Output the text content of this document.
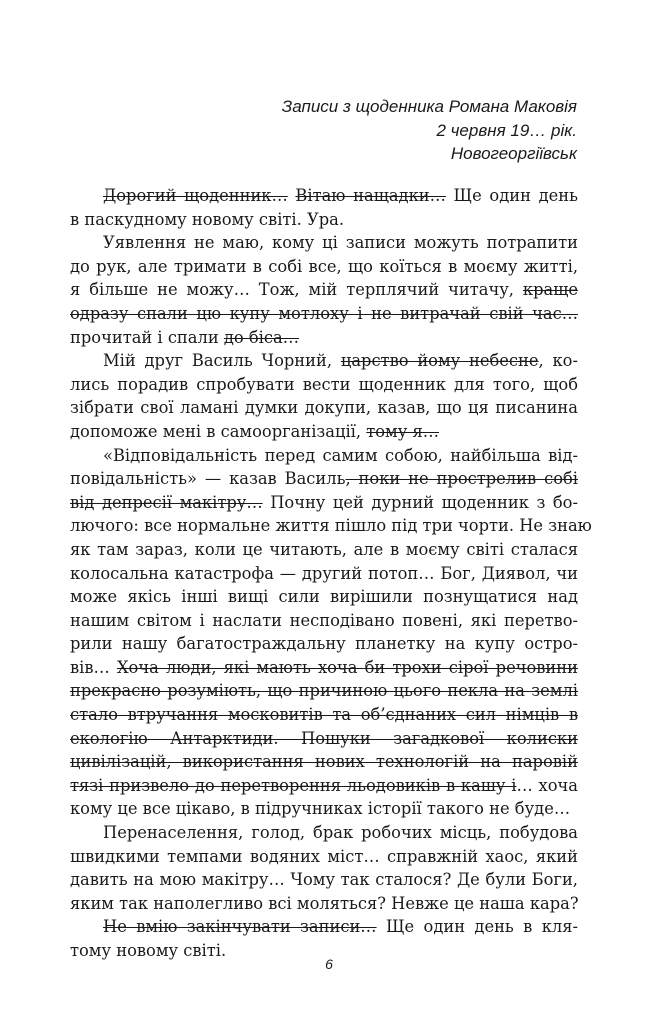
Записи з щоденника Романа Маковія
2 червня 19… рік.
Новогеоргіївськ
Дорогий щоденник… Вітаю нащадки… Ще один день
в паскудному новому світі. Ура.
Уявлення не маю, кому ці записи можуть потрапити
до рук, але тримати в собі все, що коїться в моєму житті,
я більше не можу… Тож, мій терплячий читачу, краще
одразу спали цю купу мотлоху і не витрачай свій час…
прочитай і спали до біса…
Мій друг Василь Чорний, царство йому небесне, ко-
лись порадив спробувати вести щоденник для того, щоб
зібрати свої ламані думки докупи, казав, що ця писанина
допоможе мені в самоорганізації, тому я…
«Відповідальність перед самим собою, найбільша від-
повідальність» — казав Василь, поки не прострелив собі
від депресії макітру… Почну цей дурний щоденник з бо-
лючого: все нормальне життя пішло під три чорти. Не знаю
як там зараз, коли це читають, але в моєму світі сталася
колосальна катастрофа — другий потоп… Бог, Диявол, чи
може якісь інші вищі сили вирішили познущатися над
нашим світом і наслати несподівано повені, які перетво-
рили нашу багатостраждальну планетку на купу остро-
вів… Хоча люди, які мають хоча би трохи сірої речовини
прекрасно розуміють, що причиною цього пекла на землі
стало втручання московитів та об’єднаних сил німців в
екологію Антарктиди. Пошуки загадкової колиски
цивілізацій, використання нових технологій на паровій
тязі призвело до перетворення льодовиків в кашу і… хоча
кому це все цікаво, в підручниках історії такого не буде…
Перенаселення, голод, брак робочих місць, побудова
швидкими темпами водяних міст… справжній хаос, який
давить на мою макітру… Чому так сталося? Де були Боги,
яким так наполегливо всі моляться? Невже це наша кара?
Не вмію закінчувати записи… Ще один день в кля-
тому новому світі.
6
